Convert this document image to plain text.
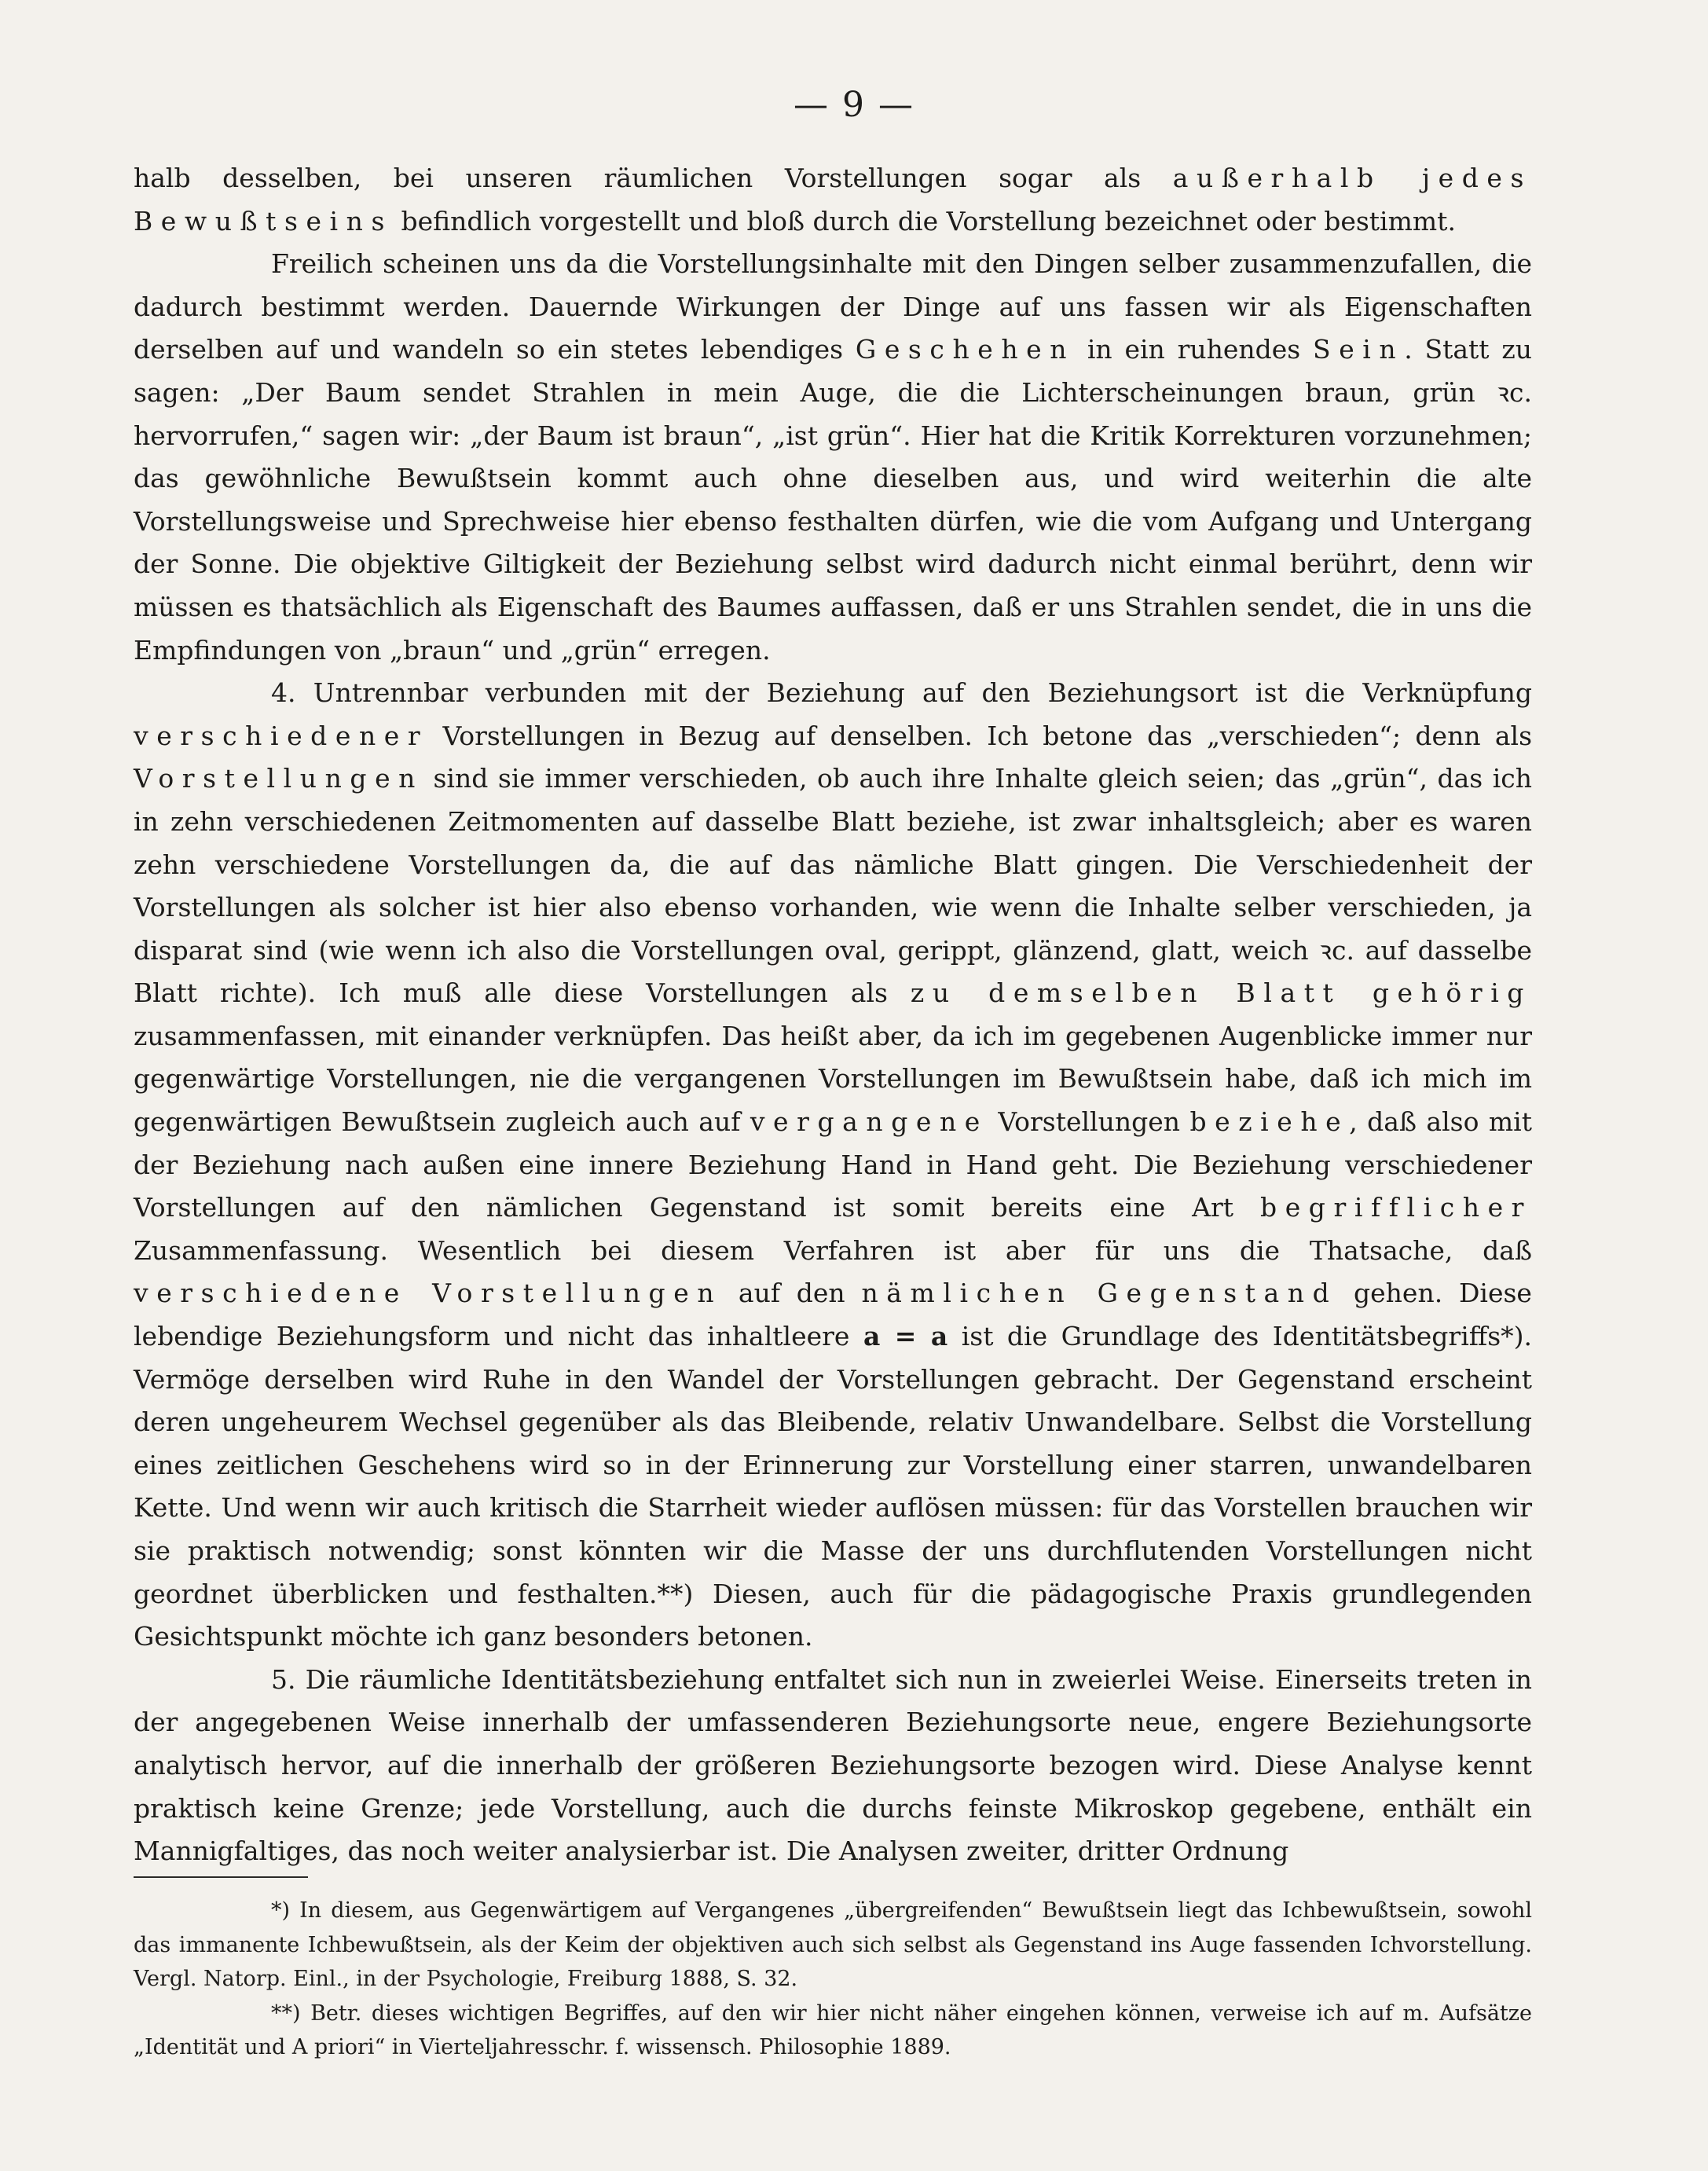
— 9 —

halb desselben, bei unseren räumlichen Vorstellungen sogar als außerhalb jedes Bewußtseins befindlich vorgestellt und bloß durch die Vorstellung bezeichnet oder bestimmt.

Freilich scheinen uns da die Vorstellungsinhalte mit den Dingen selber zusammenzufallen, die dadurch bestimmt werden. Dauernde Wirkungen der Dinge auf uns fassen wir als Eigenschaften derselben auf und wandeln so ein stetes lebendiges Geschehen in ein ruhendes Sein. Statt zu sagen: „Der Baum sendet Strahlen in mein Auge, die die Lichterscheinungen braun, grün ꝛc. hervorrufen,“ sagen wir: „der Baum ist braun“, „ist grün“. Hier hat die Kritik Korrekturen vorzunehmen; das gewöhnliche Bewußtsein kommt auch ohne dieselben aus, und wird weiterhin die alte Vorstellungsweise und Sprechweise hier ebenso festhalten dürfen, wie die vom Aufgang und Untergang der Sonne. Die objektive Giltigkeit der Beziehung selbst wird dadurch nicht einmal berührt, denn wir müssen es thatsächlich als Eigenschaft des Baumes auffassen, daß er uns Strahlen sendet, die in uns die Empfindungen von „braun“ und „grün“ erregen.

4. Untrennbar verbunden mit der Beziehung auf den Beziehungsort ist die Verknüpfung verschiedener Vorstellungen in Bezug auf denselben. Ich betone das „verschieden“; denn als Vorstellungen sind sie immer verschieden, ob auch ihre Inhalte gleich seien; das „grün“, das ich in zehn verschiedenen Zeitmomenten auf dasselbe Blatt beziehe, ist zwar inhaltsgleich; aber es waren zehn verschiedene Vorstellungen da, die auf das nämliche Blatt gingen. Die Verschiedenheit der Vorstellungen als solcher ist hier also ebenso vorhanden, wie wenn die Inhalte selber verschieden, ja disparat sind (wie wenn ich also die Vorstellungen oval, gerippt, glänzend, glatt, weich ꝛc. auf dasselbe Blatt richte). Ich muß alle diese Vorstellungen als zu demselben Blatt gehörig zusammenfassen, mit einander verknüpfen. Das heißt aber, da ich im gegebenen Augenblicke immer nur gegenwärtige Vorstellungen, nie die vergangenen Vorstellungen im Bewußtsein habe, daß ich mich im gegenwärtigen Bewußtsein zugleich auch auf vergangene Vorstellungen beziehe, daß also mit der Beziehung nach außen eine innere Beziehung Hand in Hand geht. Die Beziehung verschiedener Vorstellungen auf den nämlichen Gegenstand ist somit bereits eine Art begrifflicher Zusammenfassung. Wesentlich bei diesem Verfahren ist aber für uns die Thatsache, daß verschiedene Vorstellungen auf den nämlichen Gegenstand gehen. Diese lebendige Beziehungsform und nicht das inhaltleere a = a ist die Grundlage des Identitätsbegriffs*). Vermöge derselben wird Ruhe in den Wandel der Vorstellungen gebracht. Der Gegenstand erscheint deren ungeheurem Wechsel gegenüber als das Bleibende, relativ Unwandelbare. Selbst die Vorstellung eines zeitlichen Geschehens wird so in der Erinnerung zur Vorstellung einer starren, unwandelbaren Kette. Und wenn wir auch kritisch die Starrheit wieder auflösen müssen: für das Vorstellen brauchen wir sie praktisch notwendig; sonst könnten wir die Masse der uns durchflutenden Vorstellungen nicht geordnet überblicken und festhalten.**) Diesen, auch für die pädagogische Praxis grundlegenden Gesichtspunkt möchte ich ganz besonders betonen.

5. Die räumliche Identitätsbeziehung entfaltet sich nun in zweierlei Weise. Einerseits treten in der angegebenen Weise innerhalb der umfassenderen Beziehungsorte neue, engere Beziehungsorte analytisch hervor, auf die innerhalb der größeren Beziehungsorte bezogen wird. Diese Analyse kennt praktisch keine Grenze; jede Vorstellung, auch die durchs feinste Mikroskop gegebene, enthält ein Mannigfaltiges, das noch weiter analysierbar ist. Die Analysen zweiter, dritter Ordnung

*) In diesem, aus Gegenwärtigem auf Vergangenes „übergreifenden“ Bewußtsein liegt das Ichbewußtsein, sowohl das immanente Ichbewußtsein, als der Keim der objektiven auch sich selbst als Gegenstand ins Auge fassenden Ichvorstellung. Vergl. Natorp. Einl., in der Psychologie, Freiburg 1888, S. 32.

**) Betr. dieses wichtigen Begriffes, auf den wir hier nicht näher eingehen können, verweise ich auf m. Aufsätze „Identität und A priori“ in Vierteljahresschr. f. wissensch. Philosophie 1889.
